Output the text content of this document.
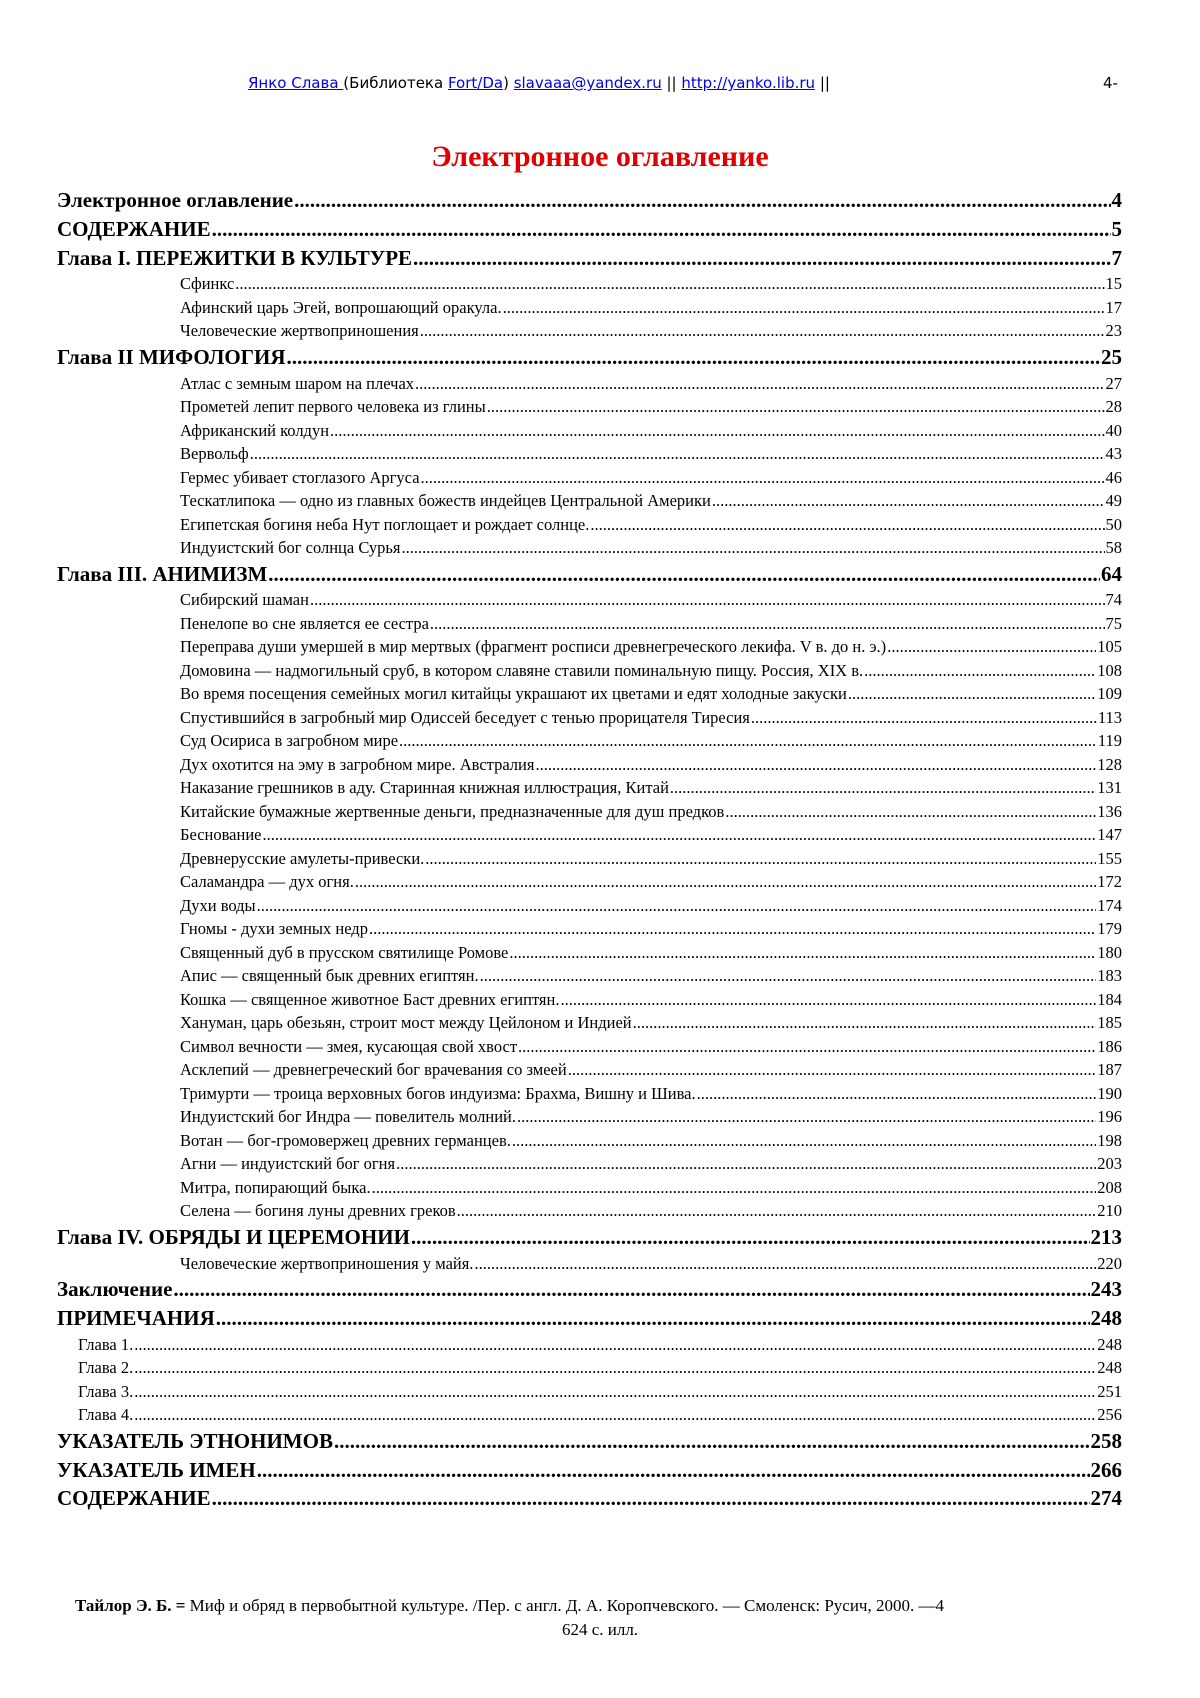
Янко Слава (Библиотека Fort/Da) slavaaa@yandex.ru || http://yanko.lib.ru ||	4-
Электронное оглавление
Электронное оглавление .....	4
СОДЕРЖАНИЕ .....	5
Глава I. ПЕРЕЖИТКИ В КУЛЬТУРЕ .....	7
Сфинкс .....	15
Афинский царь Эгей, вопрошающий оракула. .....	17
Человеческие жертвоприношения .....	23
Глава II МИФОЛОГИЯ .....	25
Атлас с земным шаром на плечах .....	27
Прометей лепит первого человека из глины .....	28
Африканский колдун .....	40
Вервольф .....	43
Гермес убивает стоглазого Аргуса .....	46
Тескатлипока — одно из главных божеств индейцев Центральной Америки .....	49
Египетская богиня неба Нут поглощает и рождает солнце. .....	50
Индуистский бог солнца Сурья .....	58
Глава III. АНИМИЗМ .....	64
Сибирский шаман .....	74
Пенелопе во сне является ее сестра .....	75
Переправа души умершей в мир мертвых (фрагмент росписи древнегреческого лекифа. V в. до н. э.) .....	105
Домовина — надмогильный сруб, в котором славяне ставили поминальную пищу. Россия, XIX в. .....	108
Во время посещения семейных могил китайцы украшают их цветами и едят холодные закуски .....	109
Спустившийся в загробный мир Одиссей беседует с тенью прорицателя Тиресия .....	113
Суд Осириса в загробном мире .....	119
Дух охотится на эму в загробном мире. Австралия .....	128
Наказание грешников в аду. Старинная книжная иллюстрация, Китай .....	131
Китайские бумажные жертвенные деньги, предназначенные для душ предков .....	136
Беснование .....	147
Древнерусские амулеты-привески. .....	155
Саламандра — дух огня. .....	172
Духи воды .....	174
Гномы - духи земных недр .....	179
Священный дуб в прусском святилище Ромове .....	180
Апис — священный бык древних египтян. .....	183
Кошка — священное животное Баст древних египтян. .....	184
Хануман, царь обезьян, строит мост между Цейлоном и Индией .....	185
Символ вечности — змея, кусающая свой хвост .....	186
Асклепий — древнегреческий бог врачевания со змеей .....	187
Тримурти — троица верховных богов индуизма: Брахма, Вишну и Шива. .....	190
Индуистский бог Индра — повелитель молний. .....	196
Вотан — бог-громовержец древних германцев. .....	198
Агни — индуистский бог огня .....	203
Митра, попирающий быка. .....	208
Селена — богиня луны древних греков .....	210
Глава IV. ОБРЯДЫ И ЦЕРЕМОНИИ .....	213
Человеческие жертвоприношения у майя. .....	220
Заключение .....	243
ПРИМЕЧАНИЯ .....	248
Глава 1. .....	248
Глава 2. .....	248
Глава 3. .....	251
Глава 4. .....	256
УКАЗАТЕЛЬ ЭТНОНИМОВ .....	258
УКАЗАТЕЛЬ ИМЕН .....	266
СОДЕРЖАНИЕ .....	274
Тайлор Э. Б. = Миф и обряд в первобытной культуре. /Пер. с англ. Д. А. Коропчевского. — Смоленск: Русич, 2000. —4
624 с. илл.
